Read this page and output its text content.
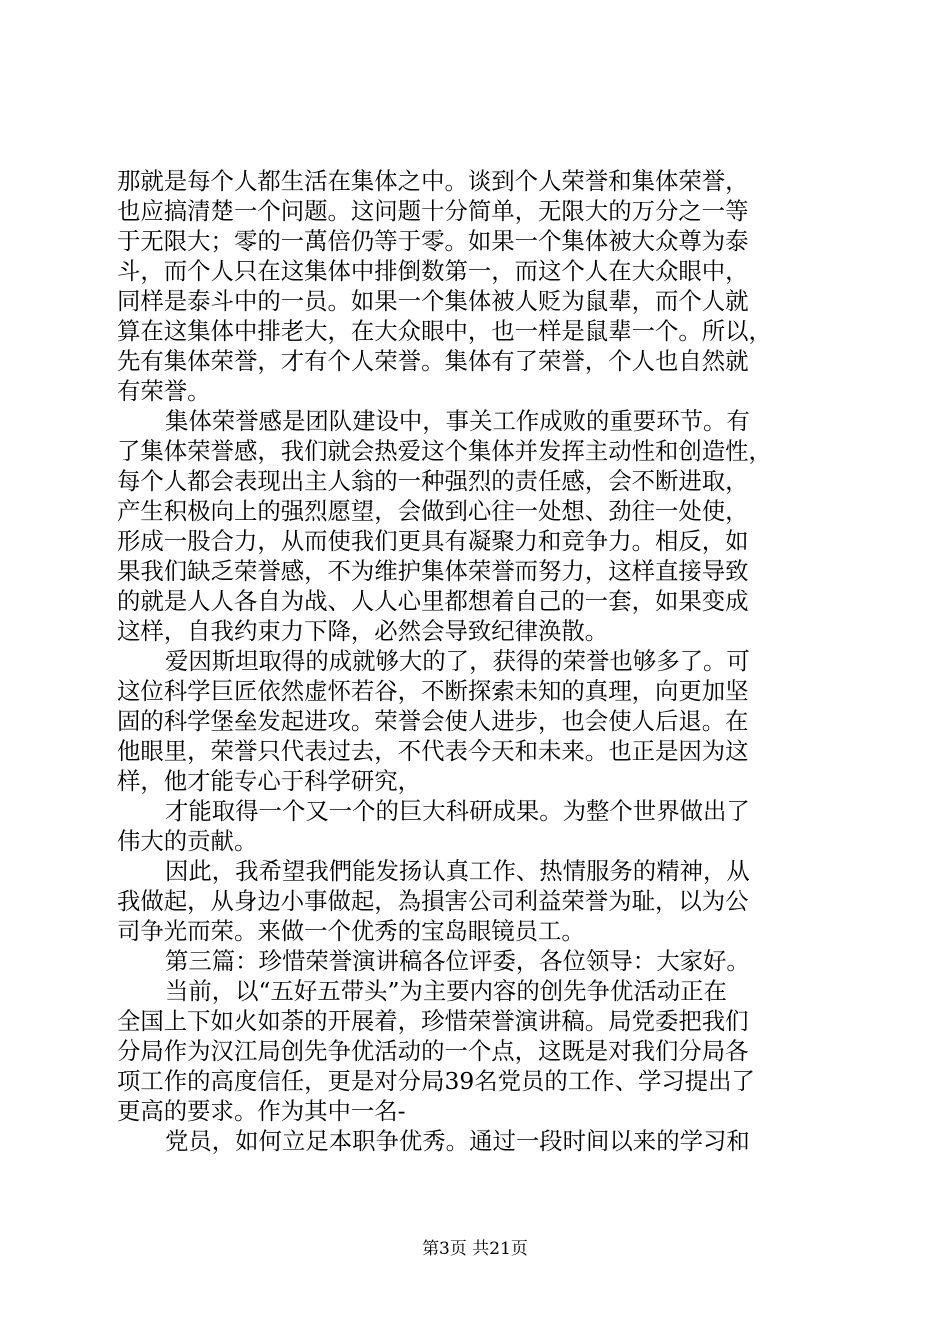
那就是每个人都生活在集体之中。谈到个人荣誉和集体荣誉，
也应搞清楚一个问题。这问题十分简单，无限大的万分之一等
于无限大；零的一萬倍仍等于零。如果一个集体被大众尊为泰
斗，而个人只在这集体中排倒数第一，而这个人在大众眼中，
同样是泰斗中的一员。如果一个集体被人贬为鼠辈，而个人就
算在这集体中排老大，在大众眼中，也一样是鼠辈一个。所以，
先有集体荣誉，才有个人荣誉。集体有了荣誉，个人也自然就
有荣誉。
集体荣誉感是团队建设中，事关工作成败的重要环节。有
了集体荣誉感，我们就会热爱这个集体并发挥主动性和创造性，
每个人都会表现出主人翁的一种强烈的责任感，会不断进取，
产生积极向上的强烈愿望，会做到心往一处想、劲往一处使，
形成一股合力，从而使我们更具有凝聚力和竞争力。相反，如
果我们缺乏荣誉感，不为维护集体荣誉而努力，这样直接导致
的就是人人各自为战、人人心里都想着自己的一套，如果变成
这样，自我约束力下降，必然会导致纪律涣散。
爱因斯坦取得的成就够大的了，获得的荣誉也够多了。可
这位科学巨匠依然虚怀若谷，不断探索未知的真理，向更加坚
固的科学堡垒发起进攻。荣誉会使人进步，也会使人后退。在
他眼里，荣誉只代表过去，不代表今天和未来。也正是因为这
样，他才能专心于科学研究，
才能取得一个又一个的巨大科研成果。为整个世界做出了
伟大的贡献。
因此，我希望我們能发扬认真工作、热情服务的精神，从
我做起，从身边小事做起，為損害公司利益荣誉为耻，以为公
司争光而荣。来做一个优秀的宝岛眼镜员工。
第三篇：珍惜荣誉演讲稿各位评委，各位领导：大家好。
当前，以“五好五带头”为主要内容的创先争优活动正在
全国上下如火如荼的开展着，珍惜荣誉演讲稿。局党委把我们
分局作为汉江局创先争优活动的一个点，这既是对我们分局各
项工作的高度信任，更是对分局39名党员的工作、学习提出了
更高的要求。作为其中一名-
党员，如何立足本职争优秀。通过一段时间以来的学习和
第3页 共21页
